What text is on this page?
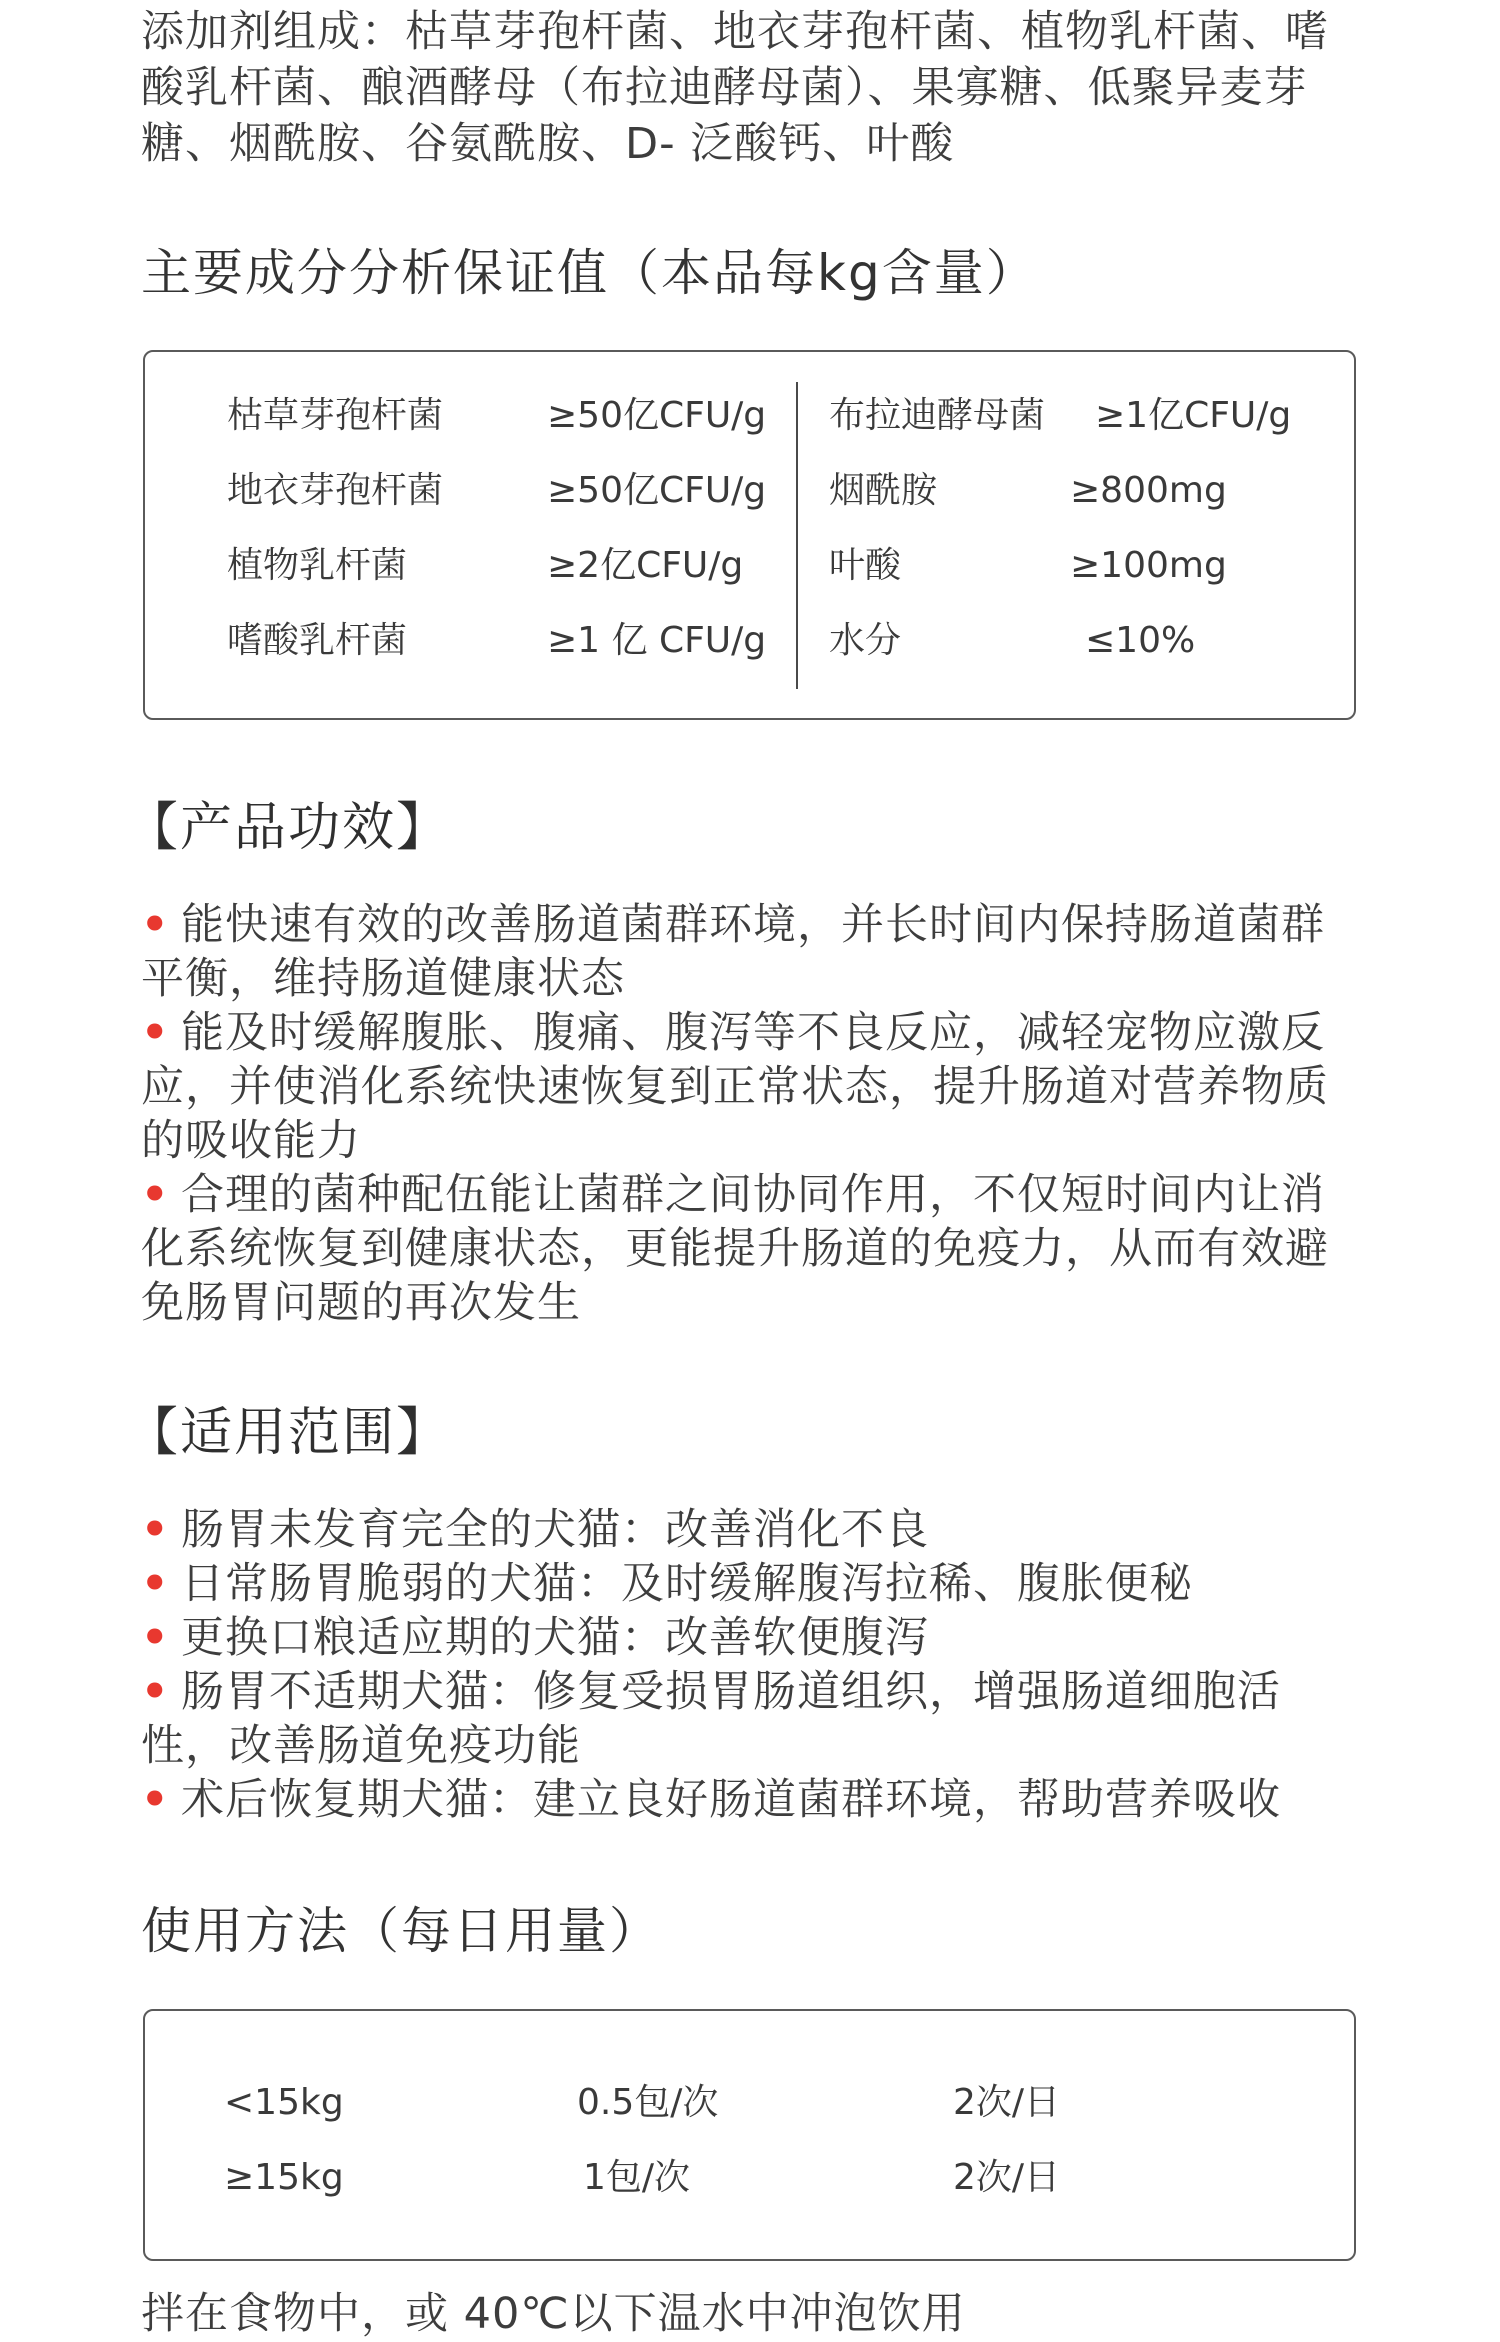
添加剂组成：枯草芽孢杆菌、地衣芽孢杆菌、植物乳杆菌、嗜酸乳杆菌、酿酒酵母（布拉迪酵母菌）、果寡糖、低聚异麦芽糖、烟酰胺、谷氨酰胺、D- 泛酸钙、叶酸
主要成分分析保证值（本品每kg含量）
枯草芽孢杆菌	≥50亿CFU/g
地衣芽孢杆菌	≥50亿CFU/g
植物乳杆菌	≥2亿CFU/g
嗜酸乳杆菌	≥1 亿 CFU/g
布拉迪酵母菌 ≥1亿CFU/g
烟酰胺	≥800mg
叶酸	≥100mg
水分	≤10%
【产品功效】

• 能快速有效的改善肠道菌群环境，并长时间内保持肠道菌群平衡，维持肠道健康状态

• 能及时缓解腹胀、腹痛、腹泻等不良反应，减轻宠物应激反应，并使消化系统快速恢复到正常状态，提升肠道对营养物质的吸收能力

• 合理的菌种配伍能让菌群之间协同作用，不仅短时间内让消化系统恢复到健康状态，更能提升肠道的免疫力，从而有效避免肠胃问题的再次发生

【适用范围】

• 肠胃未发育完全的犬猫：改善消化不良

• 日常肠胃脆弱的犬猫：及时缓解腹泻拉稀、腹胀便秘

• 更换口粮适应期的犬猫：改善软便腹泻

• 肠胃不适期犬猫：修复受损胃肠道组织，增强肠道细胞活性，改善肠道免疫功能

• 术后恢复期犬猫：建立良好肠道菌群环境，帮助营养吸收

使用方法（每日用量）
<15kg	0.5包/次	2次/日
≥15kg	1包/次	2次/日
拌在食物中，或 40℃以下温水中冲泡饮用
